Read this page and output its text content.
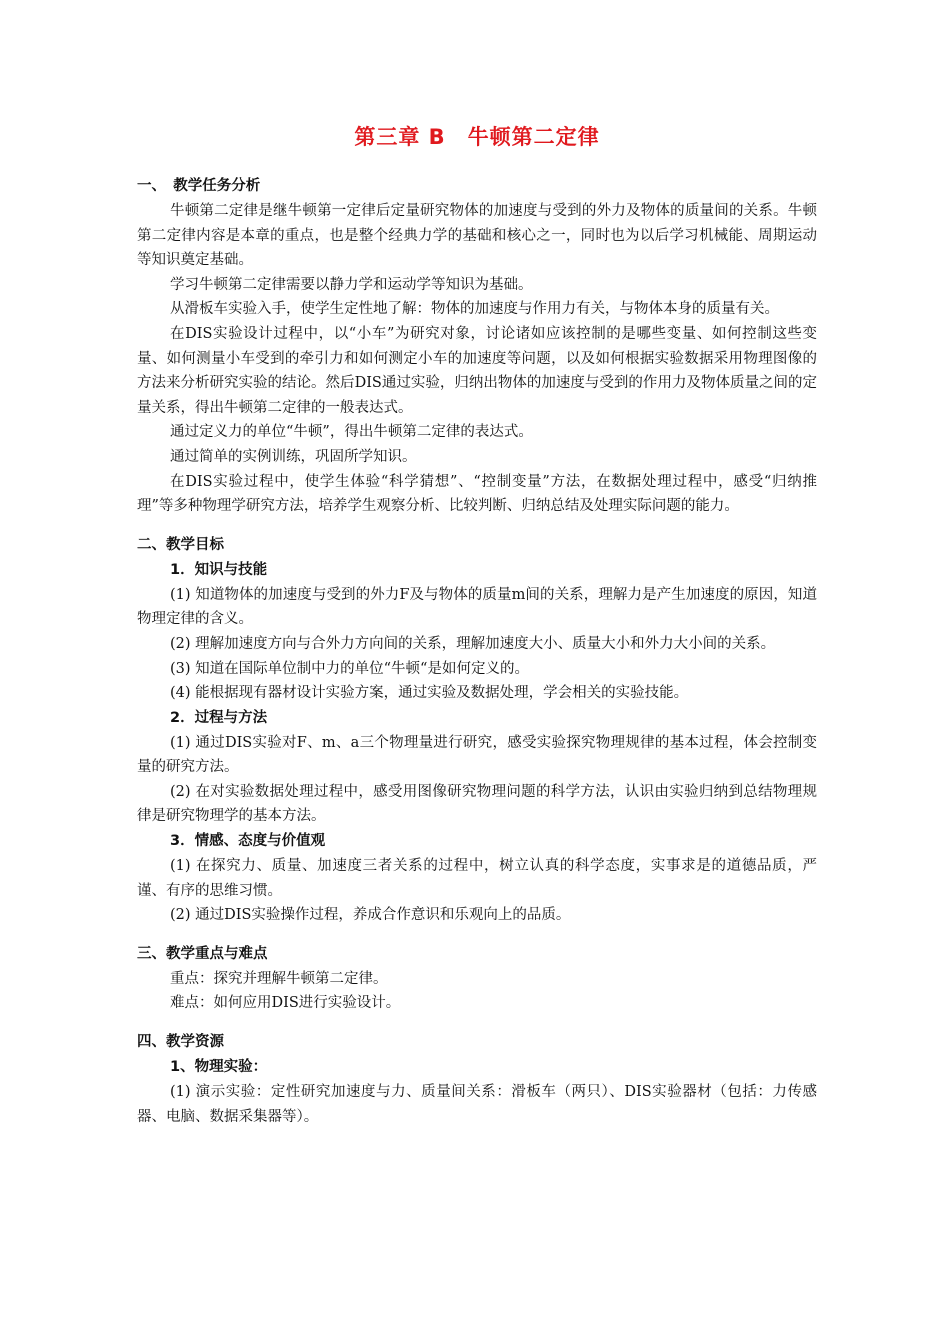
第三章 B　牛顿第二定律
一、　教学任务分析

牛顿第二定律是继牛顿第一定律后定量研究物体的加速度与受到的外力及物体的质量间的关系。牛顿第二定律内容是本章的重点，也是整个经典力学的基础和核心之一，同时也为以后学习机械能、周期运动等知识奠定基础。

学习牛顿第二定律需要以静力学和运动学等知识为基础。

从滑板车实验入手，使学生定性地了解：物体的加速度与作用力有关，与物体本身的质量有关。

在DIS实验设计过程中，以“小车”为研究对象，讨论诸如应该控制的是哪些变量、如何控制这些变量、如何测量小车受到的牵引力和如何测定小车的加速度等问题，以及如何根据实验数据采用物理图像的方法来分析研究实验的结论。然后DIS通过实验，归纳出物体的加速度与受到的作用力及物体质量之间的定量关系，得出牛顿第二定律的一般表达式。

通过定义力的单位“牛顿”，得出牛顿第二定律的表达式。

通过简单的实例训练，巩固所学知识。

在DIS实验过程中，使学生体验“科学猜想”、“控制变量”方法，在数据处理过程中，感受“归纳推理”等多种物理学研究方法，培养学生观察分析、比较判断、归纳总结及处理实际问题的能力。

二、教学目标
1．知识与技能

(1) 知道物体的加速度与受到的外力F及与物体的质量m间的关系，理解力是产生加速度的原因，知道物理定律的含义。

(2) 理解加速度方向与合外力方向间的关系，理解加速度大小、质量大小和外力大小间的关系。

(3) 知道在国际单位制中力的单位“牛顿“是如何定义的。

(4) 能根据现有器材设计实验方案，通过实验及数据处理，学会相关的实验技能。

2．过程与方法

(1) 通过DIS实验对F、m、a三个物理量进行研究，感受实验探究物理规律的基本过程，体会控制变量的研究方法。

(2) 在对实验数据处理过程中，感受用图像研究物理问题的科学方法，认识由实验归纳到总结物理规律是研究物理学的基本方法。

3．情感、态度与价值观

(1) 在探究力、质量、加速度三者关系的过程中，树立认真的科学态度，实事求是的道德品质，严谨、有序的思维习惯。

(2) 通过DIS实验操作过程，养成合作意识和乐观向上的品质。

三、教学重点与难点

重点：探究并理解牛顿第二定律。

难点：如何应用DIS进行实验设计。

四、教学资源
1、物理实验：

(1) 演示实验：定性研究加速度与力、质量间关系：滑板车（两只）、DIS实验器材（包括：力传感器、电脑、数据采集器等）。
